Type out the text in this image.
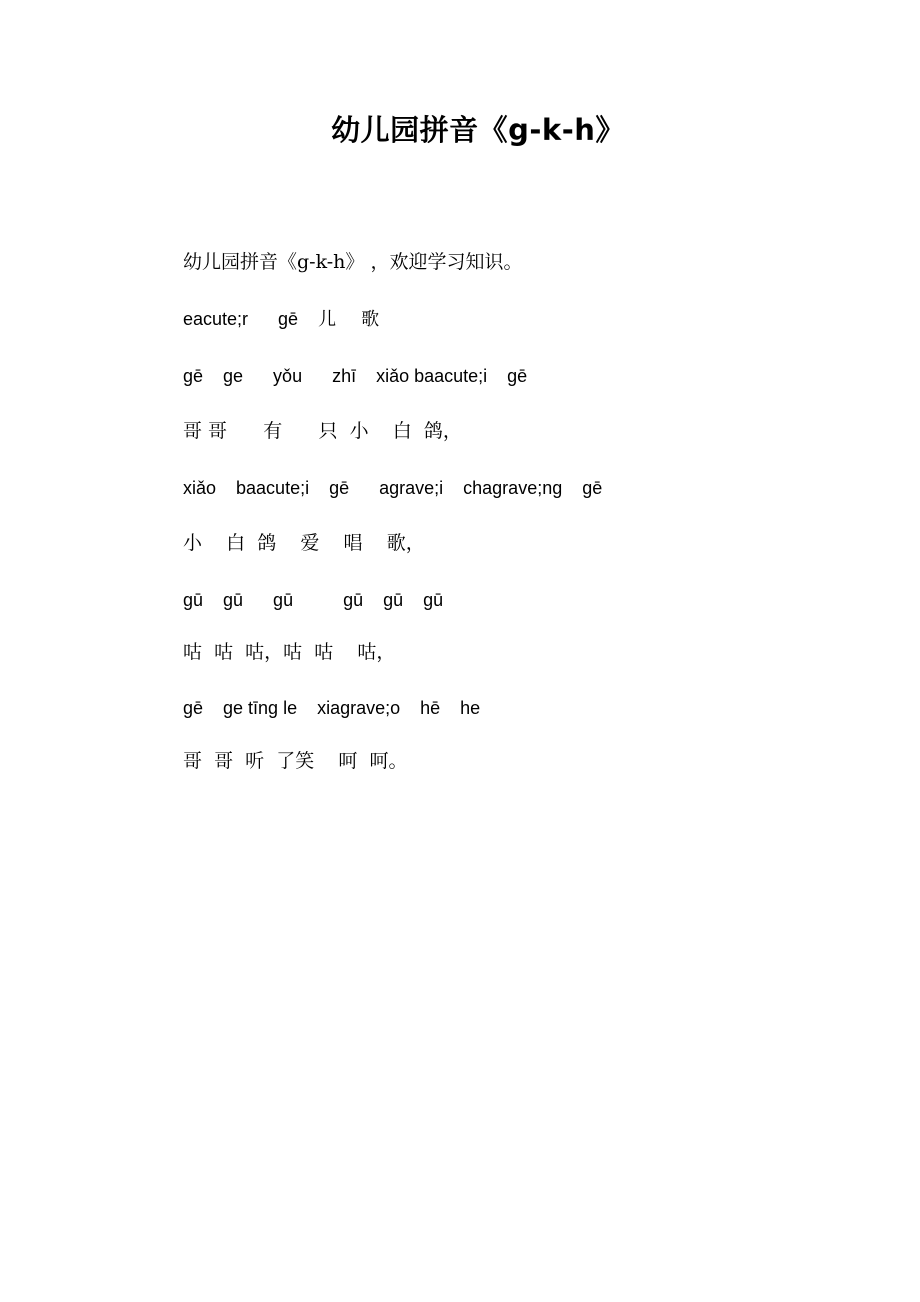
幼儿园拼音《g-k-h》
幼儿园拼音《g-k-h》 ，欢迎学习知识。
eacute;r      gē    儿     歌
gē    ge      yǒu      zhī    xiǎo baacute;i    gē
哥 哥      有      只  小    白  鸽，
xiǎo    baacute;i    gē      agrave;i    chagrave;ng    gē
小    白  鸽    爱    唱    歌，
gū    gū      gū          gū    gū    gū
咕  咕  咕，咕  咕    咕，
gē    ge tīng le    xiagrave;o    hē    he
哥  哥  听  了笑    呵  呵。
